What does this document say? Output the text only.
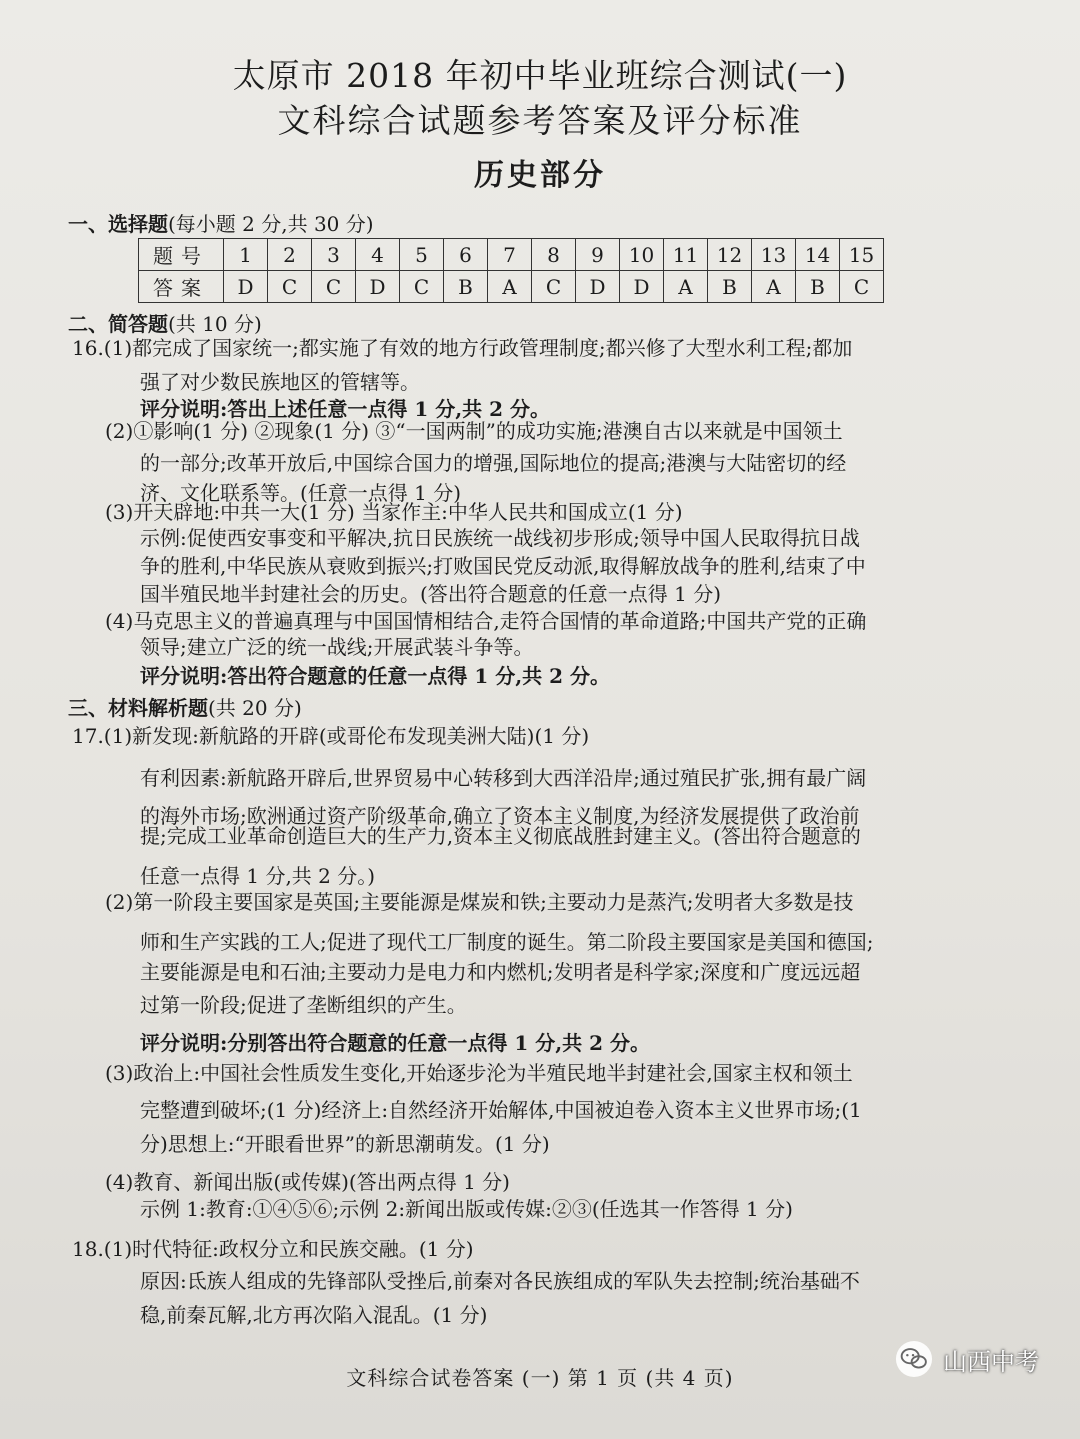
太原市 2018 年初中毕业班综合测试(一)
文科综合试题参考答案及评分标准
历史部分
一、选择题(每小题 2 分,共 30 分)
题号	1	2	3	4	5	6	7	8	9	10	11	12	13	14	15
答案	D	C	C	D	C	B	A	C	D	D	A	B	A	B	C
二、简答题(共 10 分)
16.(1)都完成了国家统一;都实施了有效的地方行政管理制度;都兴修了大型水利工程;都加
强了对少数民族地区的管辖等。
评分说明:答出上述任意一点得 1 分,共 2 分。
(2)①影响(1 分) ②现象(1 分) ③“一国两制”的成功实施;港澳自古以来就是中国领土
的一部分;改革开放后,中国综合国力的增强,国际地位的提高;港澳与大陆密切的经
济、文化联系等。(任意一点得 1 分)
(3)开天辟地:中共一大(1 分) 当家作主:中华人民共和国成立(1 分)
示例:促使西安事变和平解决,抗日民族统一战线初步形成;领导中国人民取得抗日战
争的胜利,中华民族从衰败到振兴;打败国民党反动派,取得解放战争的胜利,结束了中
国半殖民地半封建社会的历史。(答出符合题意的任意一点得 1 分)
(4)马克思主义的普遍真理与中国国情相结合,走符合国情的革命道路;中国共产党的正确
领导;建立广泛的统一战线;开展武装斗争等。
评分说明:答出符合题意的任意一点得 1 分,共 2 分。
三、材料解析题(共 20 分)
17.(1)新发现:新航路的开辟(或哥伦布发现美洲大陆)(1 分)
有利因素:新航路开辟后,世界贸易中心转移到大西洋沿岸;通过殖民扩张,拥有最广阔
的海外市场;欧洲通过资产阶级革命,确立了资本主义制度,为经济发展提供了政治前
提;完成工业革命创造巨大的生产力,资本主义彻底战胜封建主义。(答出符合题意的
任意一点得 1 分,共 2 分。)
(2)第一阶段主要国家是英国;主要能源是煤炭和铁;主要动力是蒸汽;发明者大多数是技
师和生产实践的工人;促进了现代工厂制度的诞生。第二阶段主要国家是美国和德国;
主要能源是电和石油;主要动力是电力和内燃机;发明者是科学家;深度和广度远远超
过第一阶段;促进了垄断组织的产生。
评分说明:分别答出符合题意的任意一点得 1 分,共 2 分。
(3)政治上:中国社会性质发生变化,开始逐步沦为半殖民地半封建社会,国家主权和领土
完整遭到破坏;(1 分)经济上:自然经济开始解体,中国被迫卷入资本主义世界市场;(1
分)思想上:“开眼看世界”的新思潮萌发。(1 分)
(4)教育、新闻出版(或传媒)(答出两点得 1 分)
示例 1:教育:①④⑤⑥;示例 2:新闻出版或传媒:②③(任选其一作答得 1 分)
18.(1)时代特征:政权分立和民族交融。(1 分)
原因:氐族人组成的先锋部队受挫后,前秦对各民族组成的军队失去控制;统治基础不
稳,前秦瓦解,北方再次陷入混乱。(1 分)
文科综合试卷答案 (一) 第 1 页 (共 4 页)
山西中考
